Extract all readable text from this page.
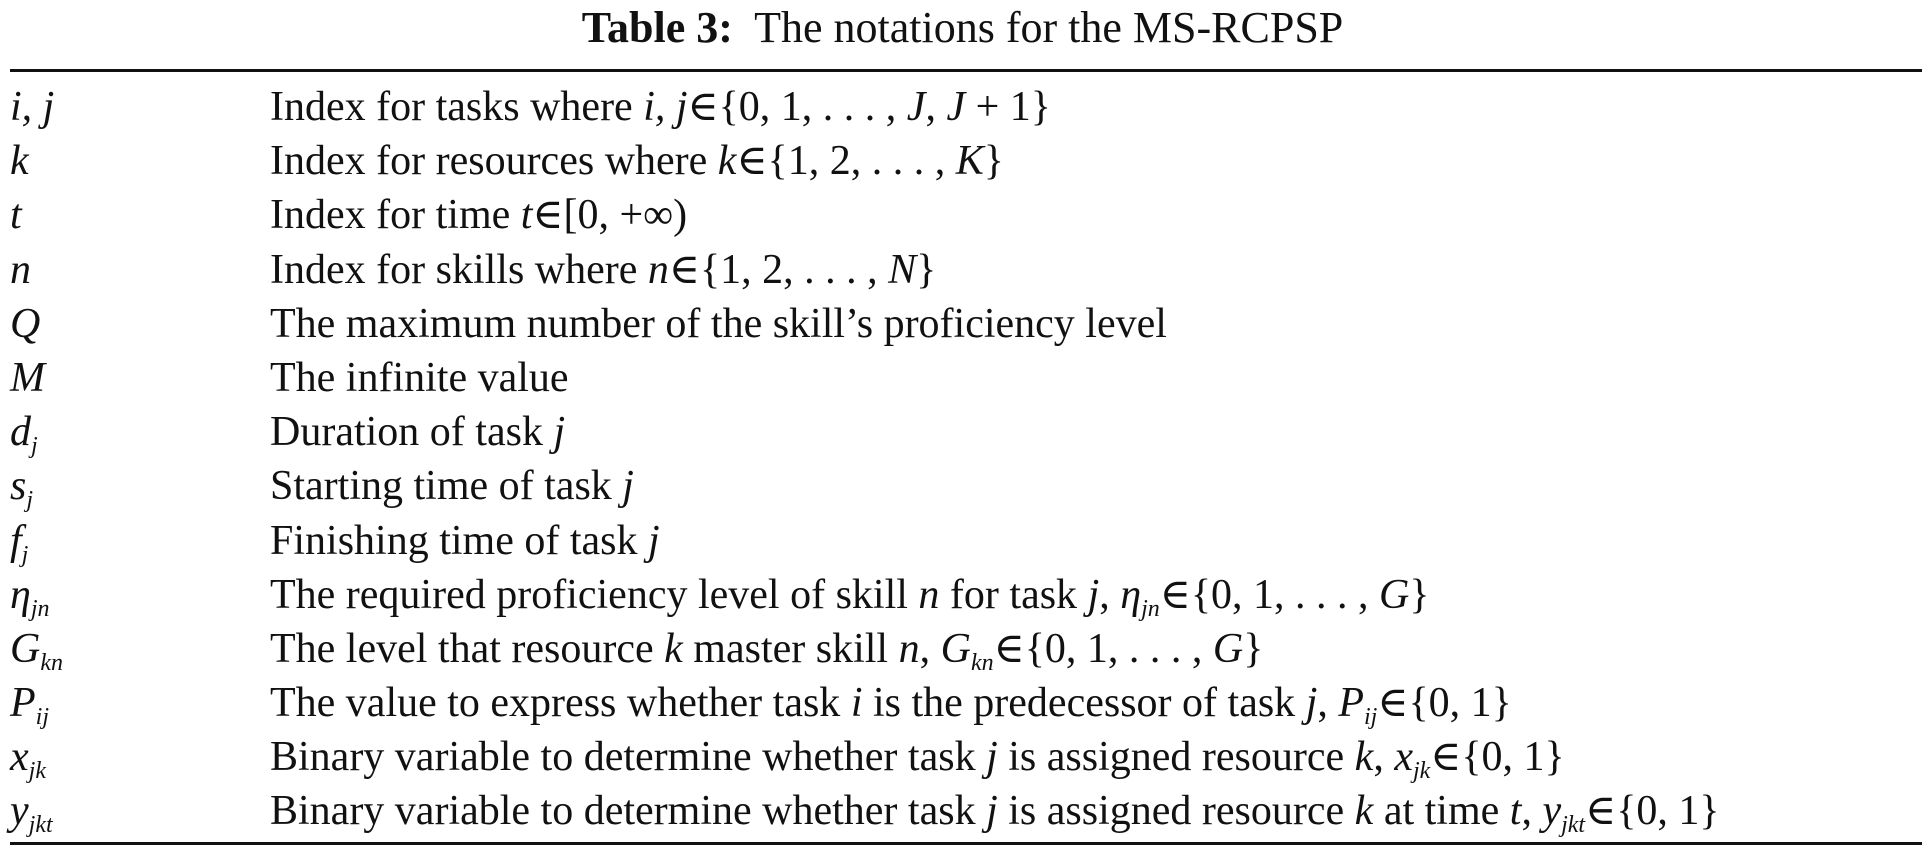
Table 3: The notations for the MS-RCPSP
i, j	Index for tasks where i, j∈{0, 1, . . . , J, J + 1}
k	Index for resources where k∈{1, 2, . . . , K}
t	Index for time t∈[0, +∞)
n	Index for skills where n∈{1, 2, . . . , N}
Q	The maximum number of the skill’s proficiency level
M	The infinite value
$d_j$	Duration of task j
$s_j$	Starting time of task j
$f_j$	Finishing time of task j
$\eta_{jn}$	The required proficiency level of skill n for task j, $\eta_{jn}\in\{0$, 1, . . . , G}
$G_{kn}$	The level that resource k master skill n, $G_{kn}\in\{0$, 1, . . . , G}
$P_{ij}$	The value to express whether task i is the predecessor of task j, $P_{ij}\in\{0$, 1}
$x_{jk}$	Binary variable to determine whether task j is assigned resource k, $x_{jk}\in\{0$, 1}
$y_{jkt}$	Binary variable to determine whether task j is assigned resource k at time t, $y_{jkt}\in\{0$, 1}
